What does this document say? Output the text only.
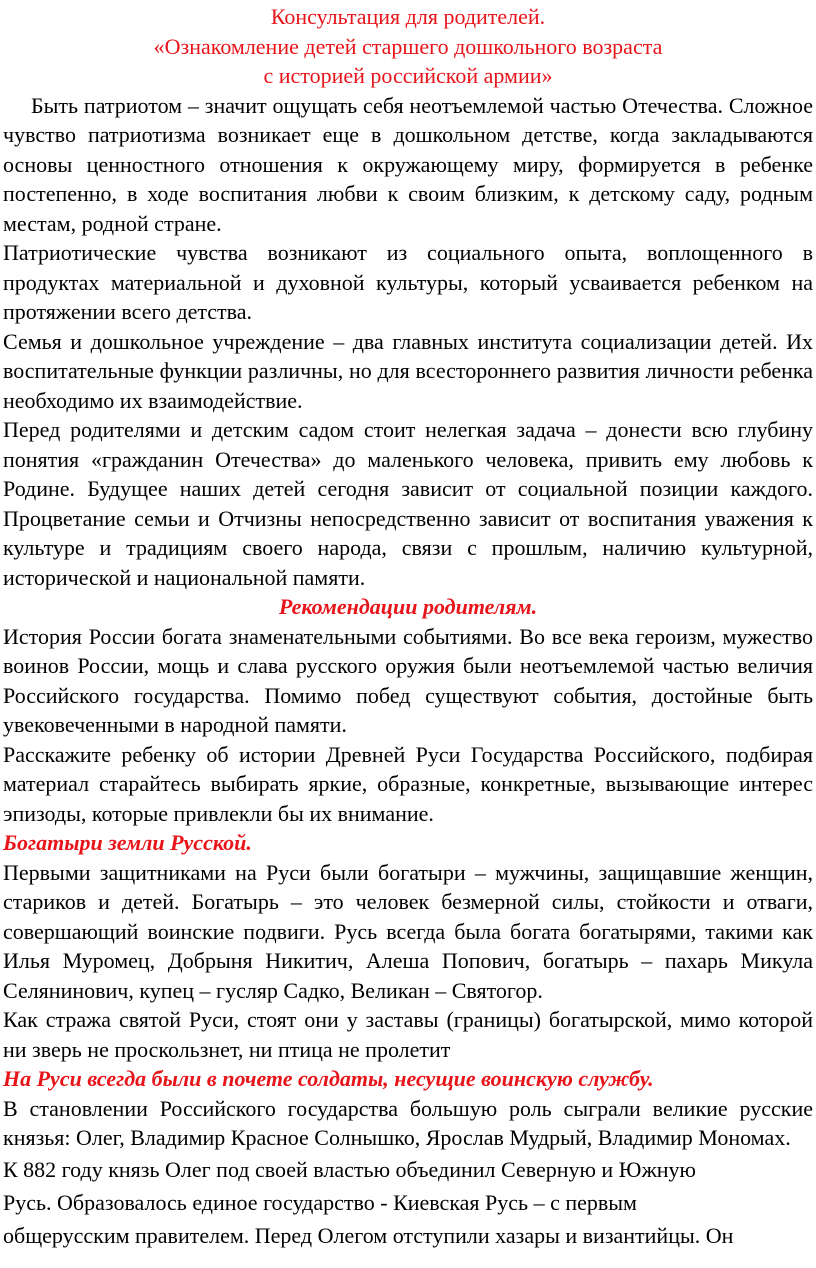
Консультация для родителей.

«Ознакомление детей старшего дошкольного возраста

с историей российской армии»

Быть патриотом – значит ощущать себя неотъемлемой частью Отечества. Сложное чувство патриотизма возникает еще в дошкольном детстве, когда закладываются основы ценностного отношения к окружающему миру, формируется в ребенке постепенно, в ходе воспитания любви к своим близким, к детскому саду, родным местам, родной стране.

Патриотические чувства возникают из социального опыта, воплощенного в продуктах материальной и духовной культуры, который усваивается ребенком на протяжении всего детства.

Семья и дошкольное учреждение – два главных института социализации детей. Их воспитательные функции различны, но для всестороннего развития личности ребенка необходимо их взаимодействие.

Перед родителями и детским садом стоит нелегкая задача – донести всю глубину понятия «гражданин Отечества» до маленького человека, привить ему любовь к Родине. Будущее наших детей сегодня зависит от социальной позиции каждого. Процветание семьи и Отчизны непосредственно зависит от воспитания уважения к культуре и традициям своего народа, связи с прошлым, наличию культурной, исторической и национальной памяти.

Рекомендации родителям.

История России богата знаменательными событиями. Во все века героизм, мужество воинов России, мощь и слава русского оружия были неотъемлемой частью величия Российского государства. Помимо побед существуют события, достойные быть увековеченными в народной памяти.

Расскажите ребенку об истории Древней Руси Государства Российского, подбирая материал старайтесь выбирать яркие, образные, конкретные, вызывающие интерес эпизоды, которые привлекли бы их внимание.

Богатыри земли Русской.

Первыми защитниками на Руси были богатыри – мужчины, защищавшие женщин, стариков и детей. Богатырь – это человек безмерной силы, стойкости и отваги, совершающий воинские подвиги. Русь всегда была богата богатырями, такими как Илья Муромец, Добрыня Никитич, Алеша Попович, богатырь – пахарь Микула Селянинович, купец – гусляр Садко, Великан – Святогор.

Как стража святой Руси, стоят они у заставы (границы) богатырской, мимо которой ни зверь не проскользнет, ни птица не пролетит

На Руси всегда были в почете солдаты, несущие воинскую службу.

В становлении Российского государства большую роль сыграли великие русские князья: Олег, Владимир Красное Солнышко, Ярослав Мудрый, Владимир Мономах.

К 882 году князь Олег под своей властью объединил Северную и Южную

Русь. Образовалось единое государство - Киевская Русь – с первым

общерусским правителем. Перед Олегом отступили хазары и византийцы. Он
